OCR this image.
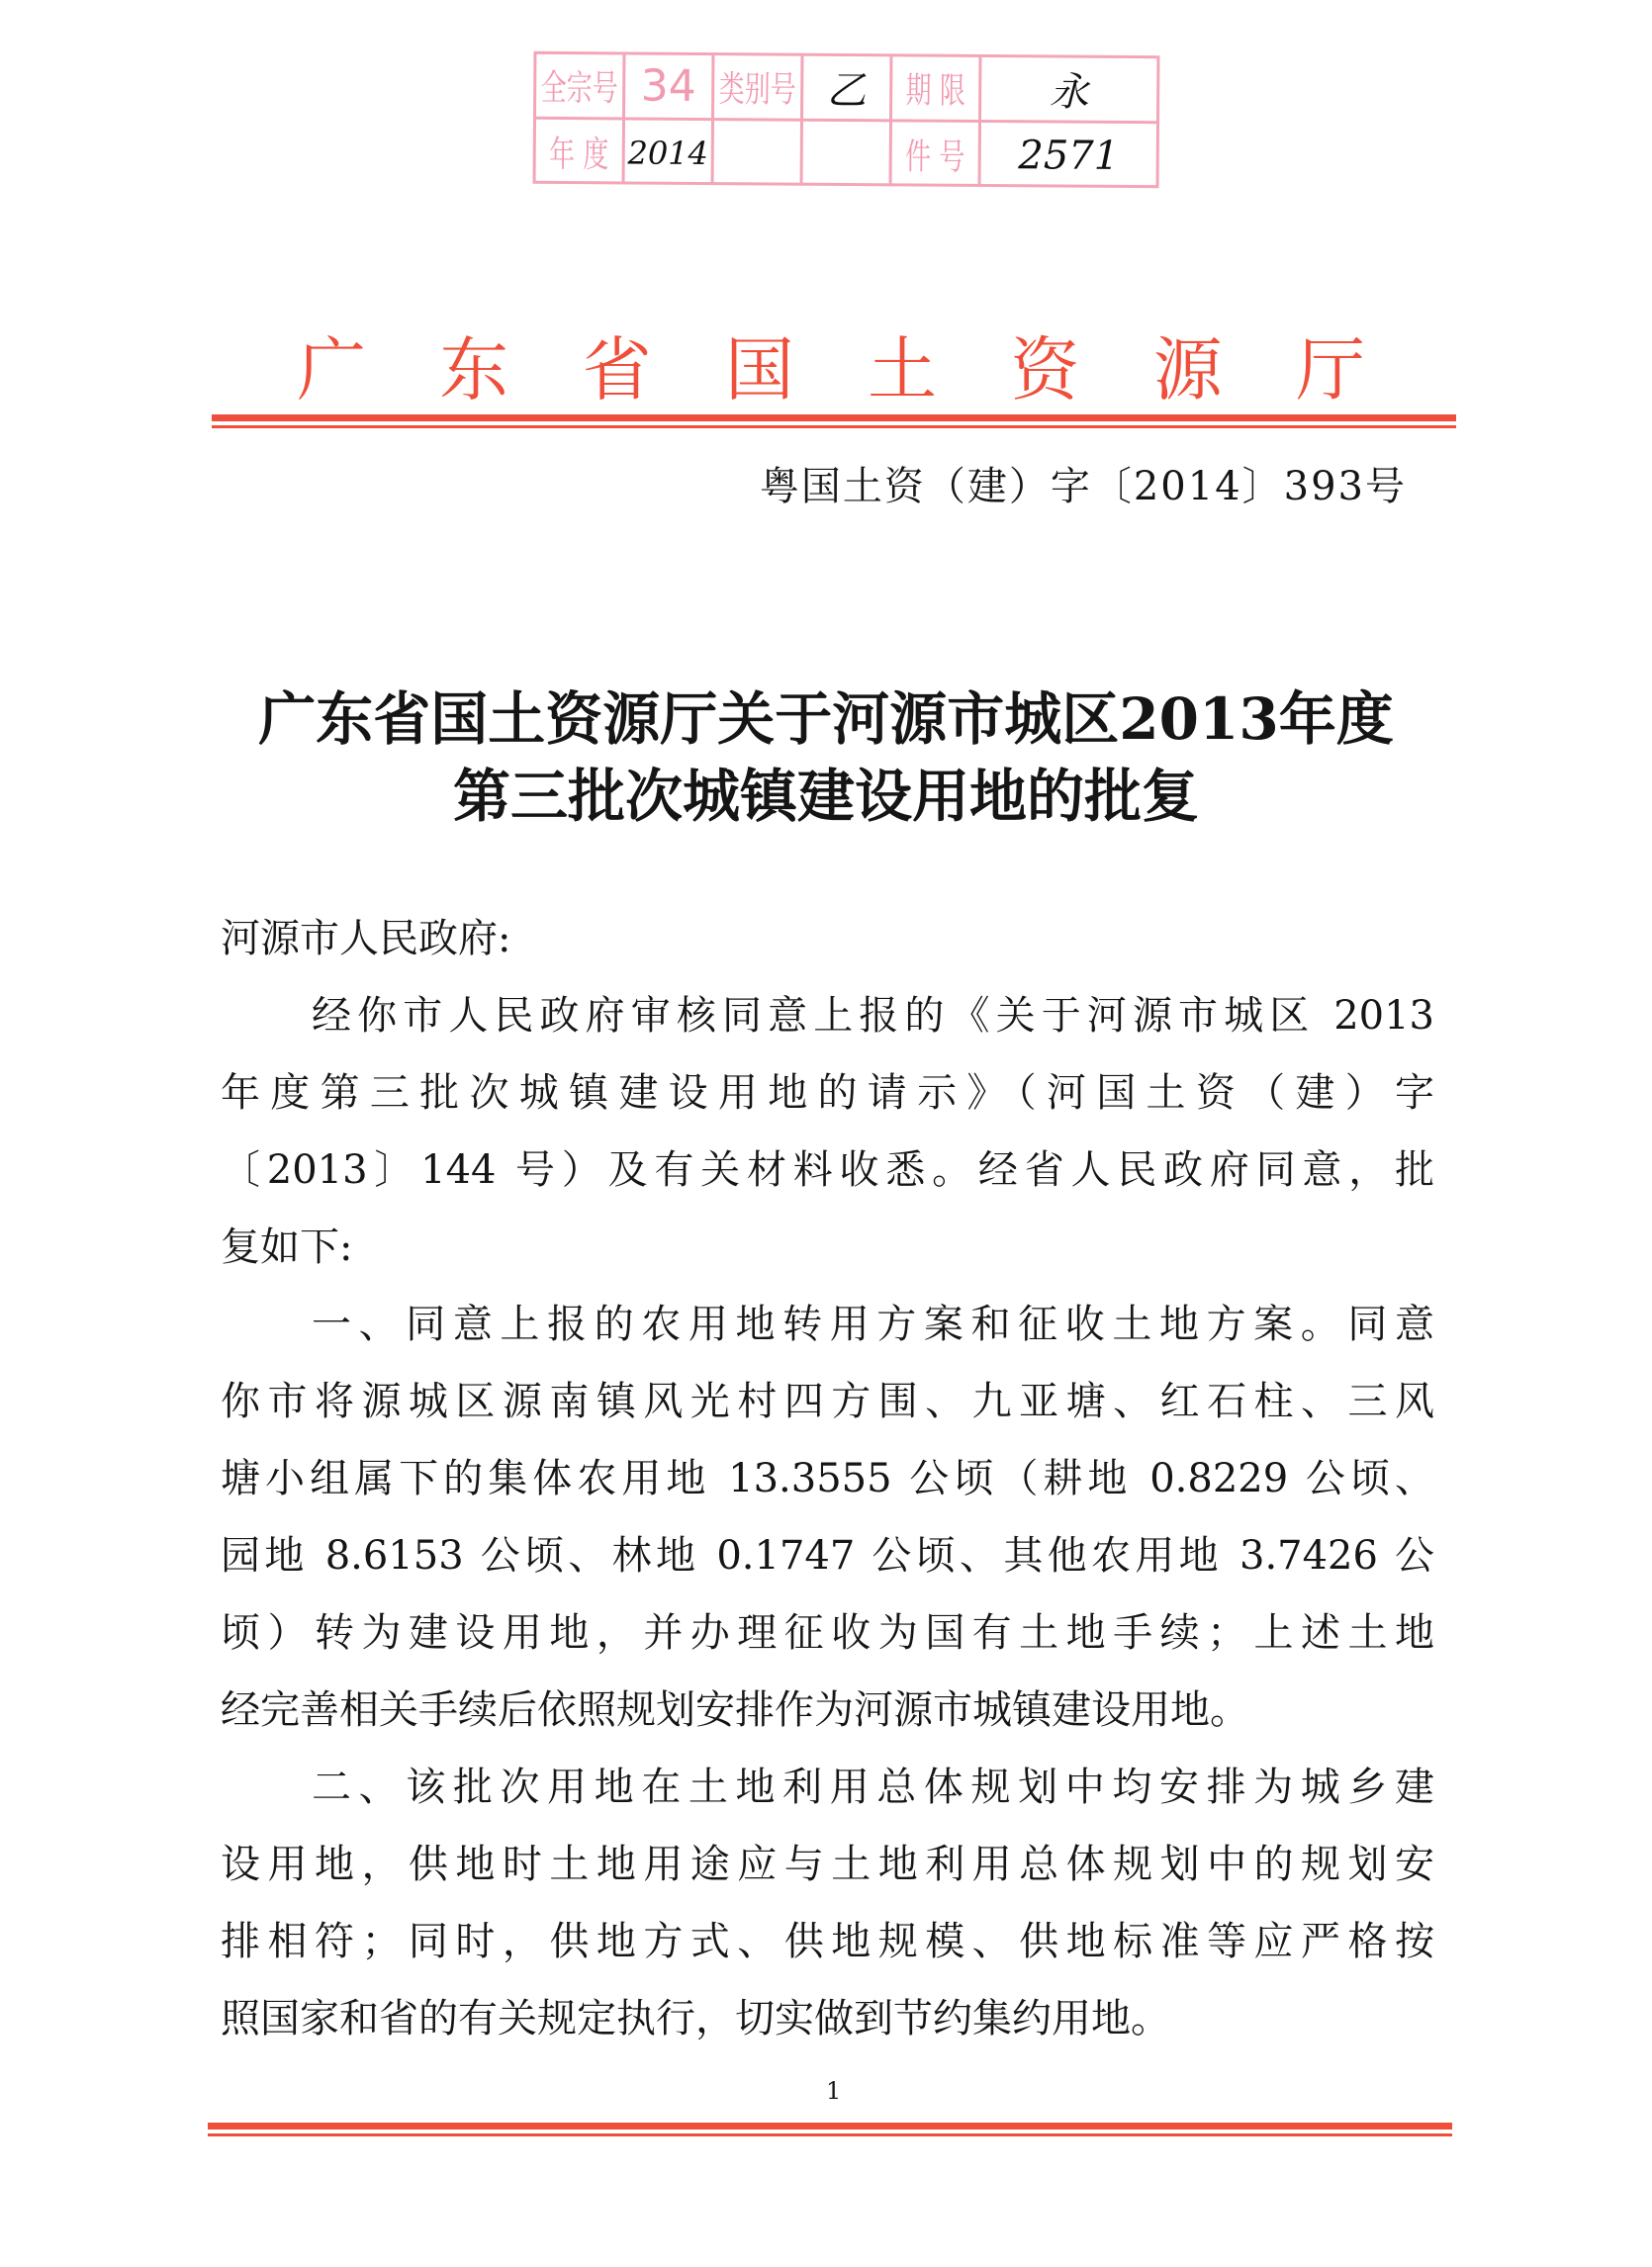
全宗号 34 类别号 乙	期 限	永
年 度 2014	件 号	2571
广 东 省 国 土 资 源 厅
粤国土资（建）字〔2014〕393号
广东省国土资源厅关于河源市城区2013年度
第三批次城镇建设用地的批复
河源市人民政府:
经你市人民政府审核同意上报的《关于河源市城区 2013
年度第三批次城镇建设用地的请示》（河国土资（建）字
〔2013〕144 号）及有关材料收悉。经省人民政府同意，批
复如下:
一、同意上报的农用地转用方案和征收土地方案。同意
你市将源城区源南镇风光村四方围、九亚塘、红石柱、三风
塘小组属下的集体农用地 13.3555 公顷（耕地 0.8229 公顷、
园地 8.6153 公顷、林地 0.1747 公顷、其他农用地 3.7426 公
顷）转为建设用地，并办理征收为国有土地手续；上述土地
经完善相关手续后依照规划安排作为河源市城镇建设用地。
二、该批次用地在土地利用总体规划中均安排为城乡建
设用地，供地时土地用途应与土地利用总体规划中的规划安
排相符；同时，供地方式、供地规模、供地标准等应严格按
照国家和省的有关规定执行，切实做到节约集约用地。
1
